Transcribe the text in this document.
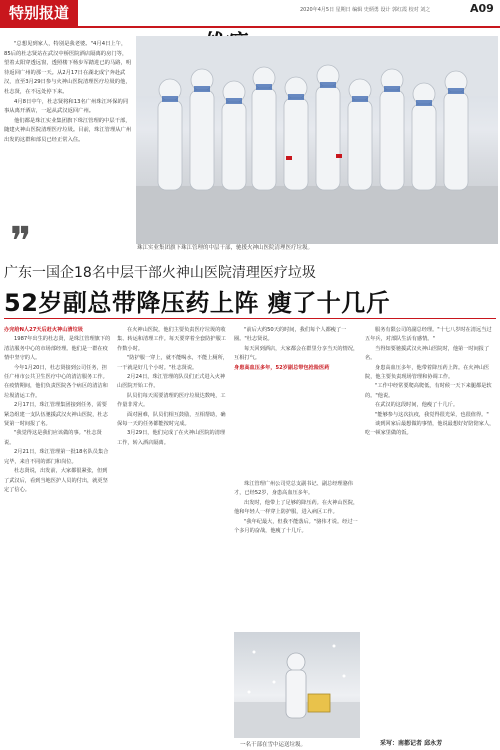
特别报道	2020年4月5日 星期日 编辑 史炳勇 设计 郭红霞 校对 刘之	A09

"总想见到家人，特别是我老婆。"4月4日上午，85后的杜志贤站在武汉中桥医院酒店隔离的房门等，望着太阳穿透远窗，透照楼下杨步军踏进已的马路，明待返回广州的那一天。从2月17日在湖北成宁奔赴武汉，直至3月29日参与火神山医院清理医疗垃圾的他，杜志贤，在不远处停下来。

4月8日中午，杜志贤将和13名广州珠江环保的同事从离开酒店，一起从武汉返回广州。

他们都是珠江实业集团旗下珠江管理的中层干部，随建火神山医院清理医疗垃圾。目前，珠江管理从广州出发的这群和部员已经正常入住。

❞	珠江实业集团旗下珠江管理的中层干部，驰援火神山医院清理医疗垃圾。
广东一国企18名中层干部火神山医院清理医疗垃圾
52岁副总带降压药上阵 瘦了十几斤

办完给N人27天后赶火神山清垃圾

1987年出生的杜志贤，是珠江管理旗下的清洁服务中心的市场部经理。他们是一群在疫情中坚守的人。

今年1月20日，杜志贤接到公司任务，担任广州市公共卫生医疗中心的清洁服务工作。在疫情期间，他们负责医院各个病区的清洁和垃圾清运工作。

2月17日，珠江管理集团接到任务，需要紧急组建一支队伍驰援武汉火神山医院，杜志贤第一时间报了名。

"我觉得这是我们应该做的事。"杜志贤说。

2月21日，珠江管理第一批18名队员集合完毕，来自不同的部门和岗位。

杜志贤说，出发前，大家都很紧张，但到了武汉后，看到当地医护人员的付出，就更坚定了信心。

在火神山医院，他们主要负责医疗垃圾的收集、转运和清理工作。每天要穿着全套防护服工作数小时。

"防护服一穿上，就不能喝水，不能上厕所，一干就是好几个小时。"杜志贤说。

2月24日，珠江管理的队员们正式进入火神山医院开始工作。

队员们每天需要清理的医疗垃圾达数吨，工作量非常大。

面对困难，队员们相互鼓励，互相帮助，确保每一天的任务都能按时完成。

3月29日，他们完成了在火神山医院的清理工作，转入酒店隔离。

"前后大约50天的时间，我们每个人都瘦了一圈。"杜志贤说。

每天回到酒店，大家都会在群里分享当天的情况，互相打气。

身患高血压多年，52岁副总带包抢险医药

珠江管理广州公司党总支副书记、副总经理骆伟才，已经52岁，身患高血压多年。

出发时，他带上了足够的降压药。在火神山医院，他和年轻人一样穿上防护服，进入病区工作。

"我年纪最大，但我不能落后。"骆伟才说。经过一个多月的奋战，他瘦了十几斤。

一名干部在雪中运送垃圾。

服务有限公司的副总经理。"十七八岁时在清远当过五年兵，对部队生活有感情。"

当得知要驰援武汉火神山医院时，他第一时间报了名。

身患高血压多年，他带着降压药上阵。在火神山医院，他主要负责现场管理和协调工作。

"工作中经常要爬高爬低，有时候一天下来腿都是软的。"他说。

在武汉的这段时间，他瘦了十几斤。

"能够参与这次抗疫，我觉得很光荣，也很值得。"

谈到回家后最想做的事情，他说最想好好陪陪家人，吃一顿家里做的饭。

采写：南都记者 邱永芳
